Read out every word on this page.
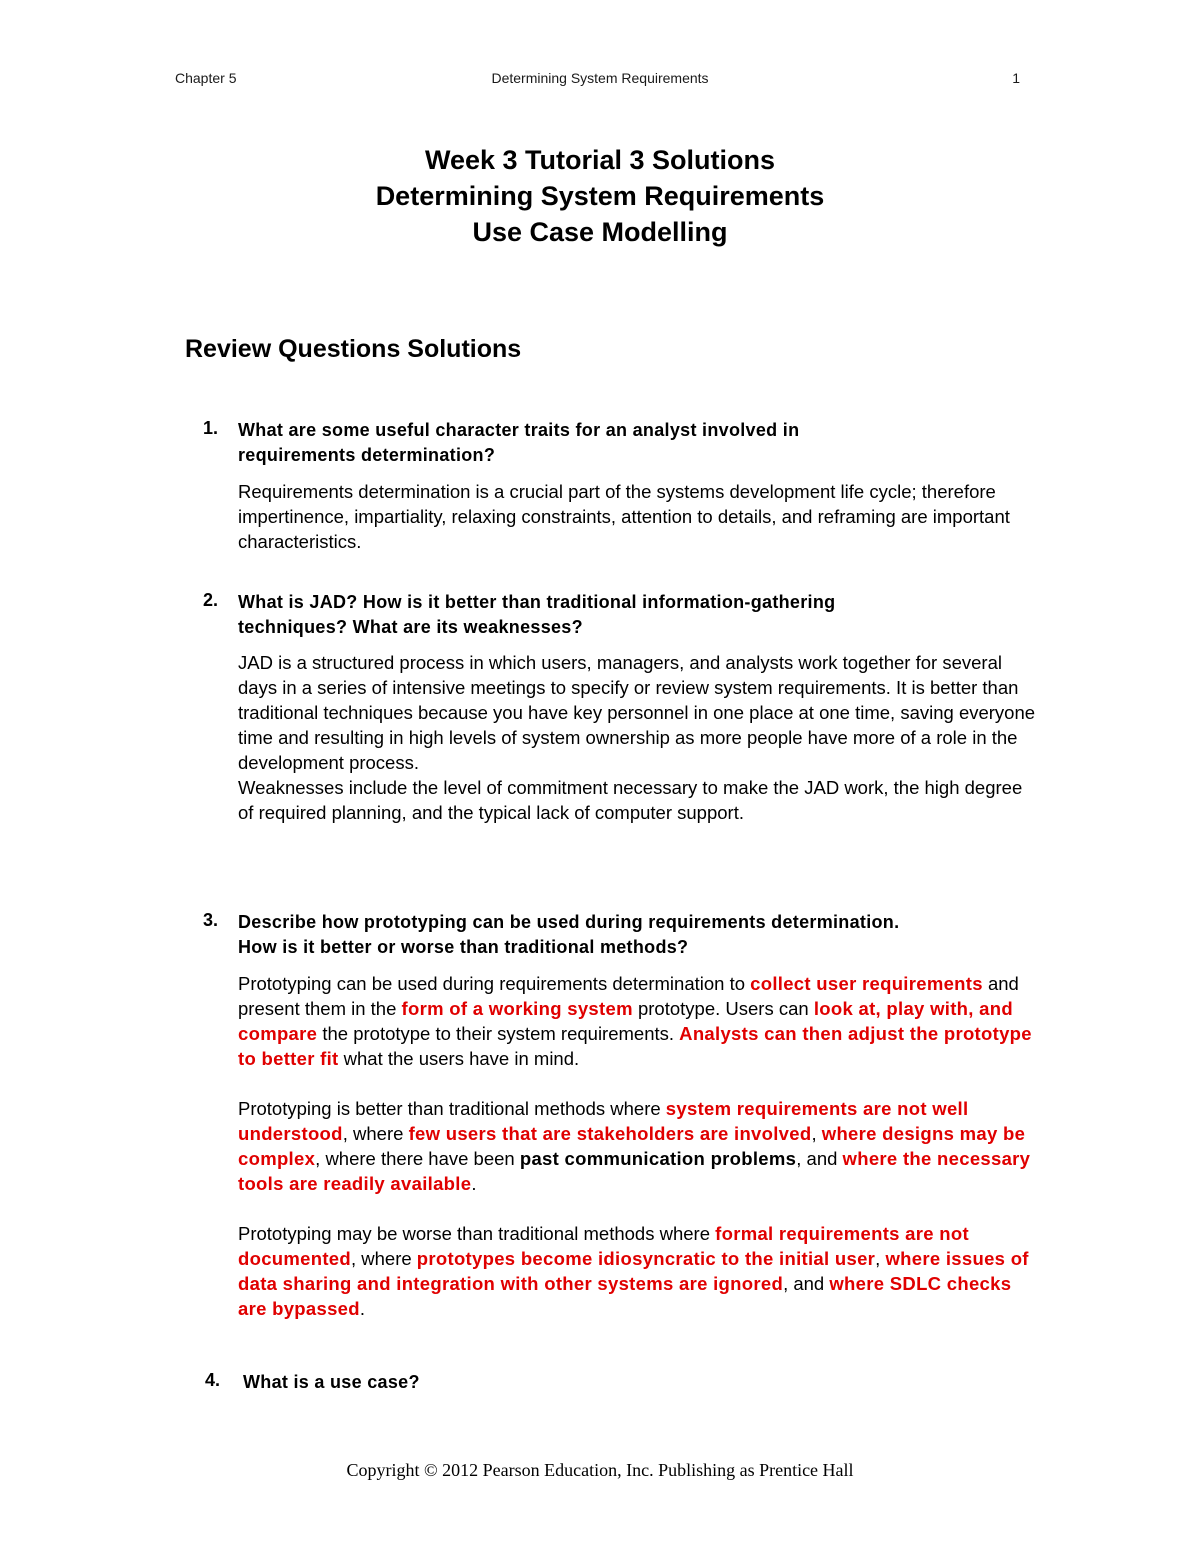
Chapter 5	Determining System Requirements	1
Week 3 Tutorial 3 Solutions
Determining System Requirements
Use Case Modelling
Review Questions Solutions
1. What are some useful character traits for an analyst involved in
requirements determination?

Requirements determination is a crucial part of the systems development life cycle; therefore impertinence, impartiality, relaxing constraints, attention to details, and reframing are important characteristics.

2. What is JAD? How is it better than traditional information-gathering
techniques? What are its weaknesses?

JAD is a structured process in which users, managers, and analysts work together for several days in a series of intensive meetings to specify or review system requirements. It is better than traditional techniques because you have key personnel in one place at one time, saving everyone time and resulting in high levels of system ownership as more people have more of a role in the development process.

Weaknesses include the level of commitment necessary to make the JAD work, the high degree of required planning, and the typical lack of computer support.

3. Describe how prototyping can be used during requirements determination.
How is it better or worse than traditional methods?

Prototyping can be used during requirements determination to collect user requirements and present them in the form of a working system prototype. Users can look at, play with, and compare the prototype to their system requirements. Analysts can then adjust the prototype to better fit what the users have in mind.

Prototyping is better than traditional methods where system requirements are not well understood, where few users that are stakeholders are involved, where designs may be complex, where there have been past communication problems, and where the necessary tools are readily available.

Prototyping may be worse than traditional methods where formal requirements are not documented, where prototypes become idiosyncratic to the initial user, where issues of data sharing and integration with other systems are ignored, and where SDLC checks are bypassed.

4. What is a use case?
Copyright © 2012 Pearson Education, Inc. Publishing as Prentice Hall
